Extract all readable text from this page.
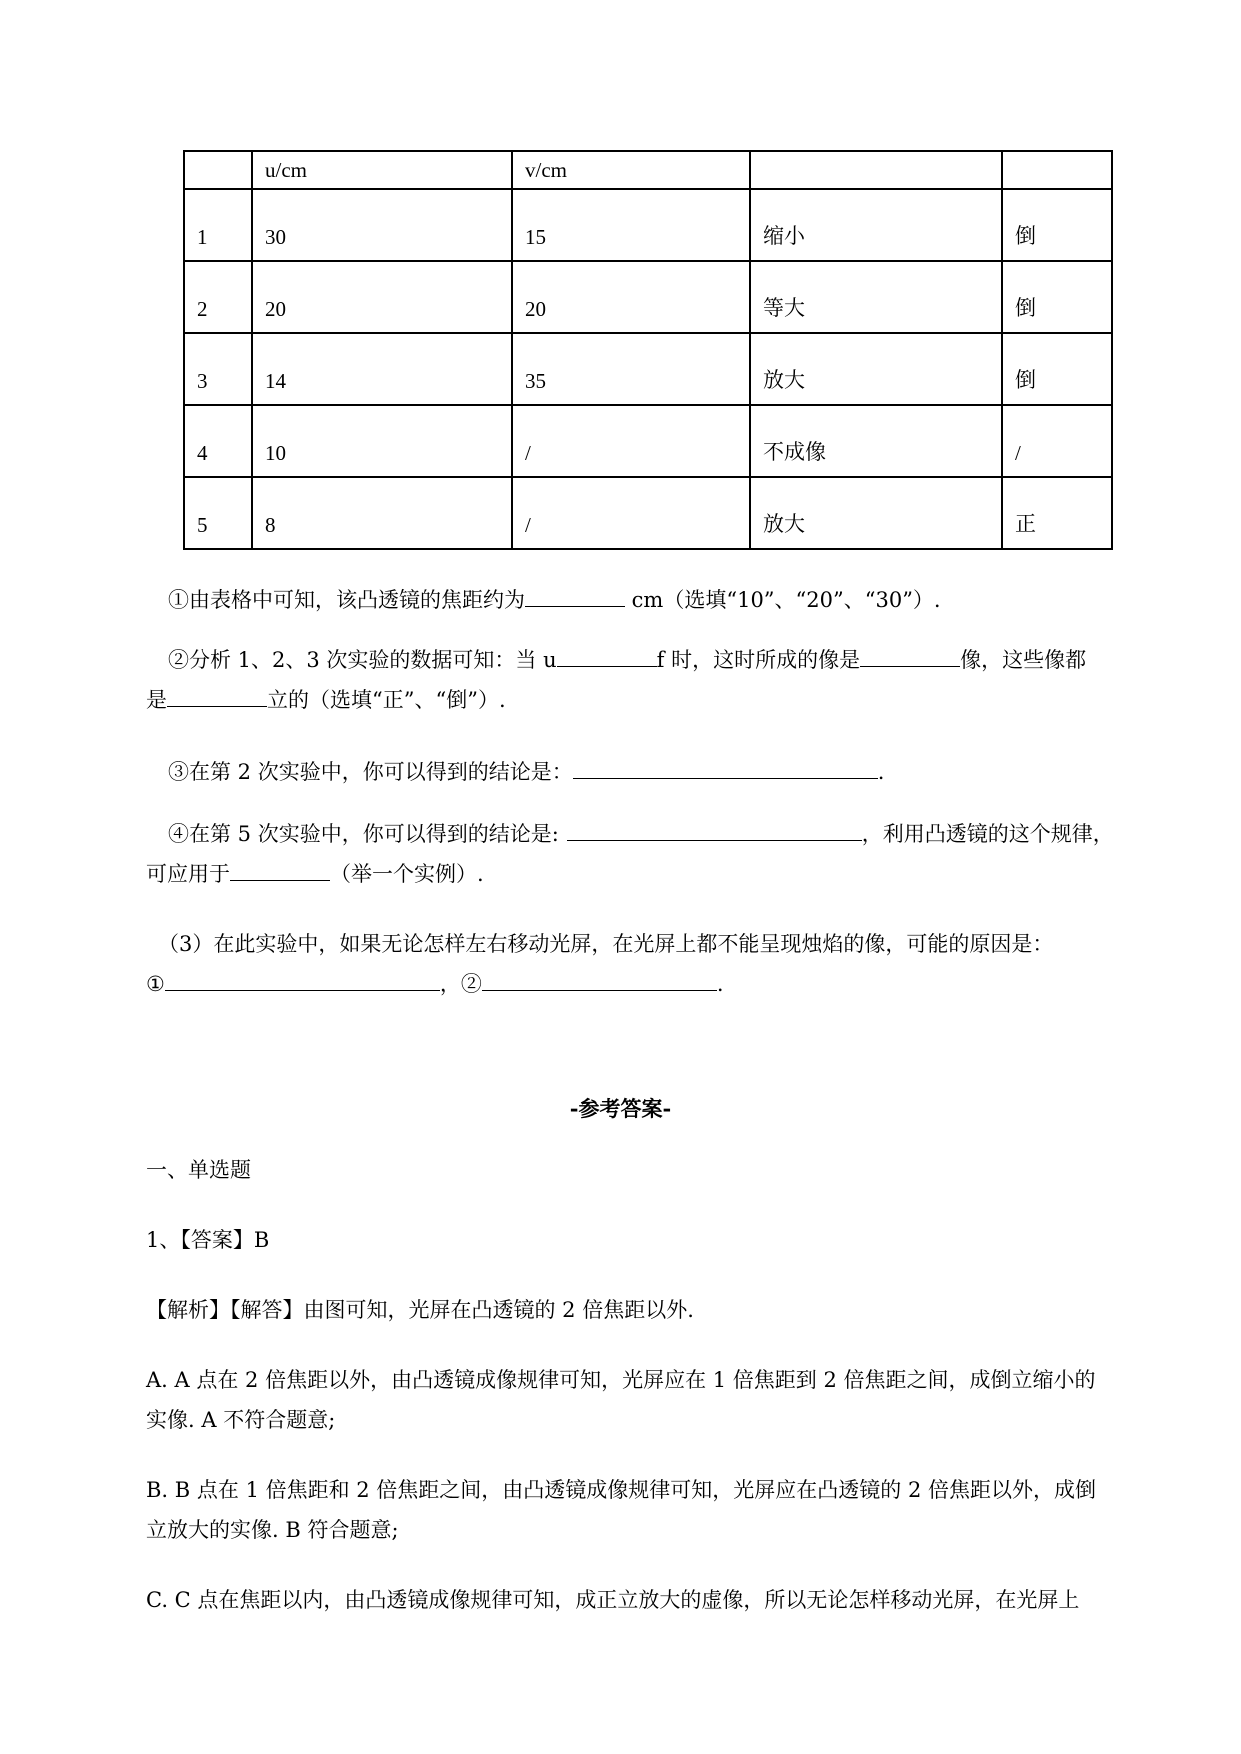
	u/cm	v/cm		
1	30	15	缩小	倒
2	20	20	等大	倒
3	14	35	放大	倒
4	10	/	不成像	/
5	8	/	放大	正
①由表格中可知，该凸透镜的焦距约为	cm（选填“10”、“20”、“30”）.
②分析 1、2、3 次实验的数据可知：当 u	f 时，这时所成的像是	像，这些像都
是	立的（选填“正”、“倒”）.
③在第 2 次实验中，你可以得到的结论是：	.
④在第 5 次实验中，你可以得到的结论是:	，利用凸透镜的这个规律，
可应用于	（举一个实例）.
（3）在此实验中，如果无论怎样左右移动光屏，在光屏上都不能呈现烛焰的像，可能的原因是：
①	，②	.
-参考答案-
一、单选题
1、【答案】B
【解析】【解答】由图可知，光屏在凸透镜的 2 倍焦距以外.
A. A 点在 2 倍焦距以外，由凸透镜成像规律可知，光屏应在 1 倍焦距到 2 倍焦距之间，成倒立缩小的
实像. A 不符合题意;
B. B 点在 1 倍焦距和 2 倍焦距之间，由凸透镜成像规律可知，光屏应在凸透镜的 2 倍焦距以外，成倒
立放大的实像. B 符合题意;
C. C 点在焦距以内，由凸透镜成像规律可知，成正立放大的虚像，所以无论怎样移动光屏，在光屏上
